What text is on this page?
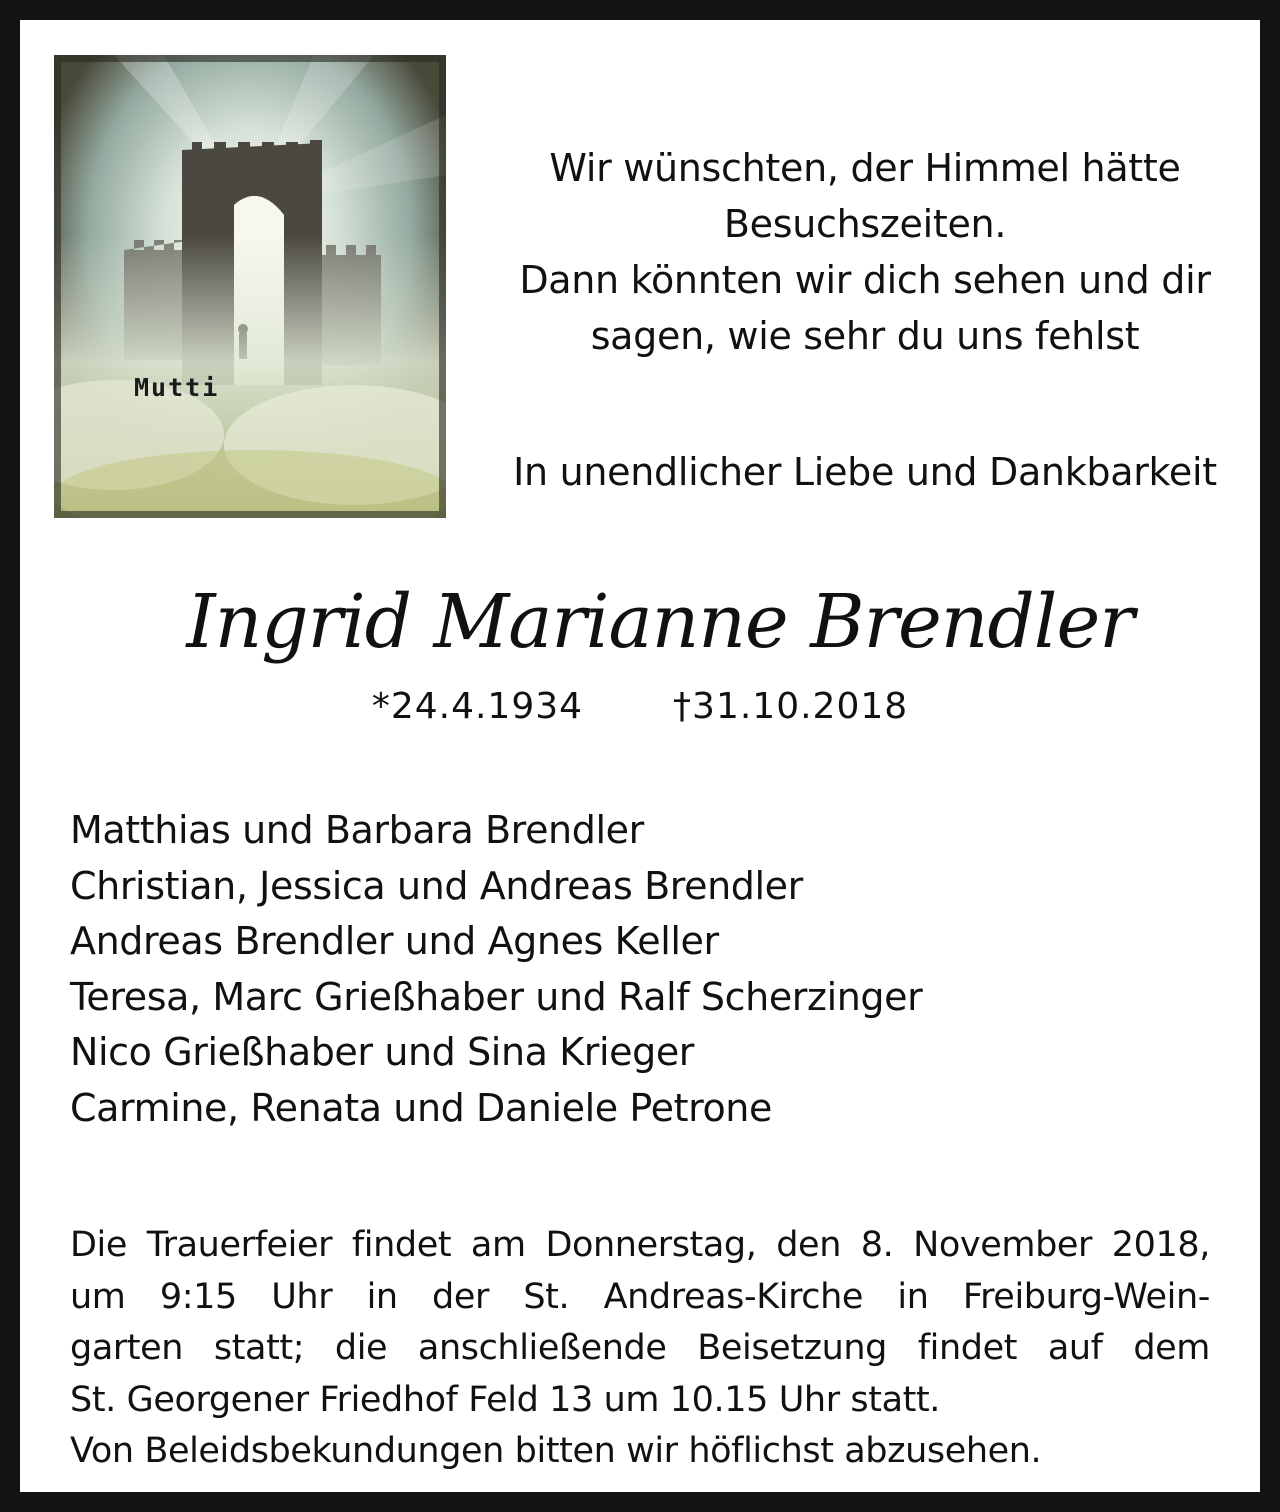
Mutti
Wir wünschten, der Himmel hätte
Besuchszeiten.
Dann könnten wir dich sehen und dir
sagen, wie sehr du uns fehlst
In unendlicher Liebe und Dankbarkeit
Ingrid Marianne Brendler
*24.4.1934	†31.10.2018
Matthias und Barbara Brendler
Christian, Jessica und Andreas Brendler
Andreas Brendler und Agnes Keller
Teresa, Marc Grießhaber und Ralf Scherzinger
Nico Grießhaber und Sina Krieger
Carmine, Renata und Daniele Petrone
Die Trauerfeier findet am Donnerstag, den 8. November 2018,
um 9:15 Uhr in der St. Andreas-Kirche in Freiburg-Wein-
garten statt; die anschließende Beisetzung findet auf dem
St. Georgener Friedhof Feld 13 um 10.15 Uhr statt.
Von Beleidsbekundungen bitten wir höflichst abzusehen.
